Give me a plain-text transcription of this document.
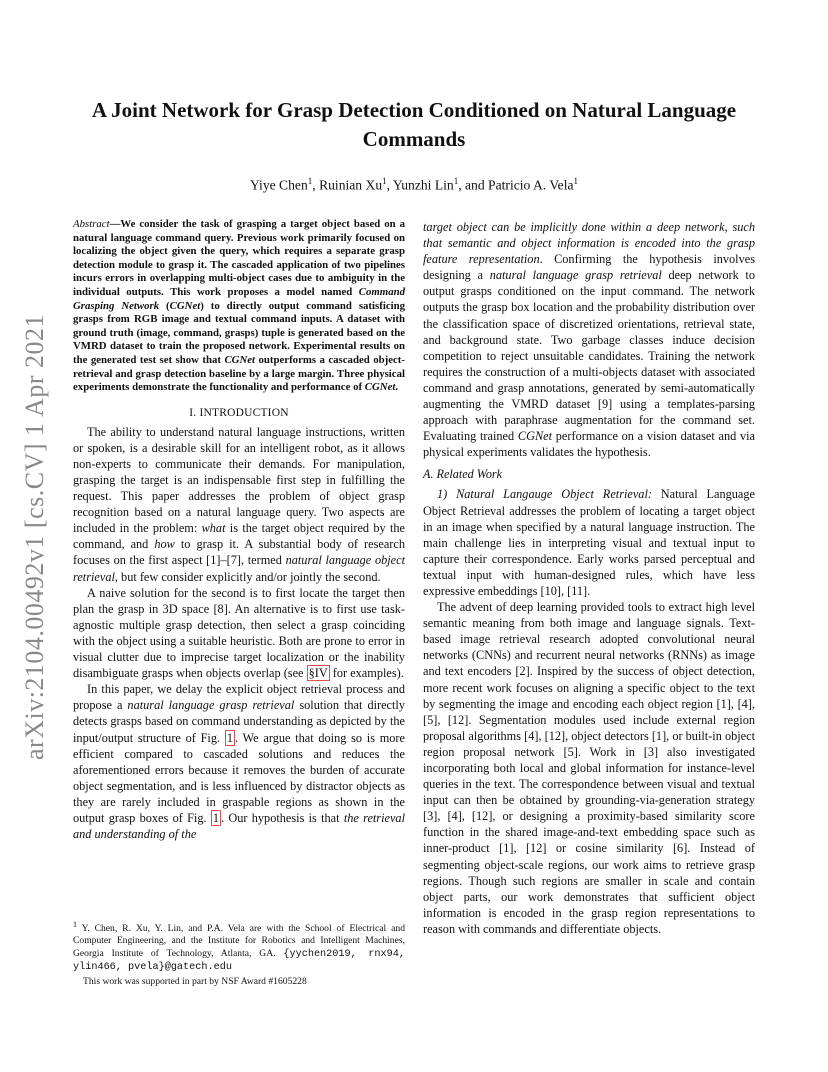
arXiv:2104.00492v1 [cs.CV] 1 Apr 2021
A Joint Network for Grasp Detection Conditioned on Natural Language Commands
Yiye Chen$^1$, Ruinian Xu$^1$, Yunzhi Lin$^1$, and Patricio A. Vela$^1$

Abstract—We consider the task of grasping a target object based on a natural language command query. Previous work primarily focused on localizing the object given the query, which requires a separate grasp detection module to grasp it. The cascaded application of two pipelines incurs errors in overlapping multi-object cases due to ambiguity in the individual outputs. This work proposes a model named Command Grasping Network (CGNet) to directly output command satisficing grasps from RGB image and textual command inputs. A dataset with ground truth (image, command, grasps) tuple is generated based on the VMRD dataset to train the proposed network. Experimental results on the generated test set show that CGNet outperforms a cascaded object-retrieval and grasp detection baseline by a large margin. Three physical experiments demonstrate the functionality and performance of CGNet.

I. INTRODUCTION

The ability to understand natural language instructions, written or spoken, is a desirable skill for an intelligent robot, as it allows non-experts to communicate their demands. For manipulation, grasping the target is an indispensable first step in fulfilling the request. This paper addresses the problem of object grasp recognition based on a natural language query. Two aspects are included in the problem: what is the target object required by the command, and how to grasp it. A substantial body of research focuses on the first aspect [1]–[7], termed natural language object retrieval, but few consider explicitly and/or jointly the second.

A naive solution for the second is to first locate the target then plan the grasp in 3D space [8]. An alternative is to first use task-agnostic multiple grasp detection, then select a grasp coinciding with the object using a suitable heuristic. Both are prone to error in visual clutter due to imprecise target localization or the inability disambiguate grasps when objects overlap (see §IV for examples).

In this paper, we delay the explicit object retrieval process and propose a natural language grasp retrieval solution that directly detects grasps based on command understanding as depicted by the input/output structure of Fig. 1 . We argue that doing so is more efficient compared to cascaded solutions and reduces the aforementioned errors because it removes the burden of accurate object segmentation, and is less influenced by distractor objects as they are rarely included in graspable regions as shown in the output grasp boxes of Fig. 1 . Our hypothesis is that the retrieval and understanding of the

target object can be implicitly done within a deep network, such that semantic and object information is encoded into the grasp feature representation. Confirming the hypothesis involves designing a natural language grasp retrieval deep network to output grasps conditioned on the input command. The network outputs the grasp box location and the probability distribution over the classification space of discretized orientations, retrieval state, and background state. Two garbage classes induce decision competition to reject unsuitable candidates. Training the network requires the construction of a multi-objects dataset with associated command and grasp annotations, generated by semi-automatically augmenting the VMRD dataset [9] using a templates-parsing approach with paraphrase augmentation for the command set. Evaluating trained CGNet performance on a vision dataset and via physical experiments validates the hypothesis.

A. Related Work

1) Natural Langauge Object Retrieval: Natural Language Object Retrieval addresses the problem of locating a target object in an image when specified by a natural language instruction. The main challenge lies in interpreting visual and textual input to capture their correspondence. Early works parsed perceptual and textual input with human-designed rules, which have less expressive embeddings [10], [11].

The advent of deep learning provided tools to extract high level semantic meaning from both image and language signals. Text-based image retrieval research adopted convolutional neural networks (CNNs) and recurrent neural networks (RNNs) as image and text encoders [2]. Inspired by the success of object detection, more recent work focuses on aligning a specific object to the text by segmenting the image and encoding each object region [1], [4], [5], [12]. Segmentation modules used include external region proposal algorithms [4], [12], object detectors [1], or built-in object region proposal network [5]. Work in [3] also investigated incorporating both local and global information for instance-level queries in the text. The correspondence between visual and textual input can then be obtained by grounding-via-generation strategy [3], [4], [12], or designing a proximity-based similarity score function in the shared image-and-text embedding space such as inner-product [1], [12] or cosine similarity [6]. Instead of segmenting object-scale regions, our work aims to retrieve grasp regions. Though such regions are smaller in scale and contain object parts, our work demonstrates that sufficient object information is encoded in the grasp region representations to reason with commands and differentiate objects.

$^1$ Y. Chen, R. Xu, Y. Lin, and P.A. Vela are with the School of Electrical and Computer Engineering, and the Institute for Robotics and Intelligent Machines, Georgia Institute of Technology, Atlanta, GA. {yychen2019, rnx94, ylin466, pvela}@gatech.edu
This work was supported in part by NSF Award #1605228
